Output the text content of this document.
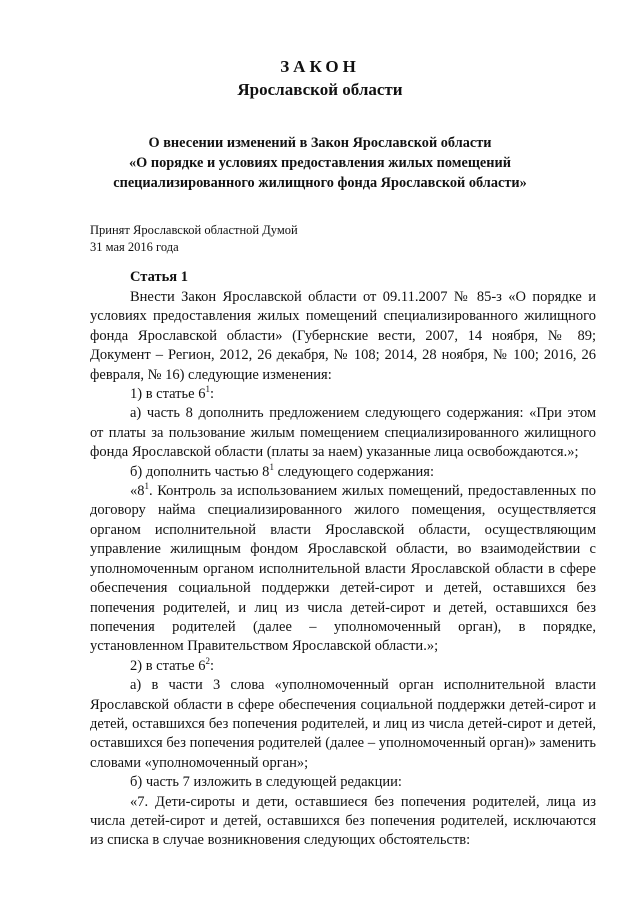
ЗАКОН
Ярославской области
О внесении изменений в Закон Ярославской области
«О порядке и условиях предоставления жилых помещений
специализированного жилищного фонда Ярославской области»
Принят Ярославской областной Думой
31 мая 2016 года
Статья 1

Внести Закон Ярославской области от 09.11.2007 № 85-з «О порядке и условиях предоставления жилых помещений специализированного жилищного фонда Ярославской области» (Губернские вести, 2007, 14 ноября, № 89; Документ – Регион, 2012, 26 декабря, № 108; 2014, 28 ноября, № 100; 2016, 26 февраля, № 16) следующие изменения:

1) в статье $6^1$:

а) часть 8 дополнить предложением следующего содержания: «При этом от платы за пользование жилым помещением специализированного жилищного фонда Ярославской области (платы за наем) указанные лица освобождаются.»;

б) дополнить частью $8^1$ следующего содержания:

«$8^1$. Контроль за использованием жилых помещений, предоставленных по договору найма специализированного жилого помещения, осуществляется органом исполнительной власти Ярославской области, осуществляющим управление жилищным фондом Ярославской области, во взаимодействии с уполномоченным органом исполнительной власти Ярославской области в сфере обеспечения социальной поддержки детей-сирот и детей, оставшихся без попечения родителей, и лиц из числа детей-сирот и детей, оставшихся без попечения родителей (далее – уполномоченный орган), в порядке, установленном Правительством Ярославской области.»;

2) в статье $6^2$:

а) в части 3 слова «уполномоченный орган исполнительной власти Ярославской области в сфере обеспечения социальной поддержки детей-сирот и детей, оставшихся без попечения родителей, и лиц из числа детей-сирот и детей, оставшихся без попечения родителей (далее – уполномоченный орган)» заменить словами «уполномоченный орган»;

б) часть 7 изложить в следующей редакции:

«7. Дети-сироты и дети, оставшиеся без попечения родителей, лица из числа детей-сирот и детей, оставшихся без попечения родителей, исключаются из списка в случае возникновения следующих обстоятельств:
